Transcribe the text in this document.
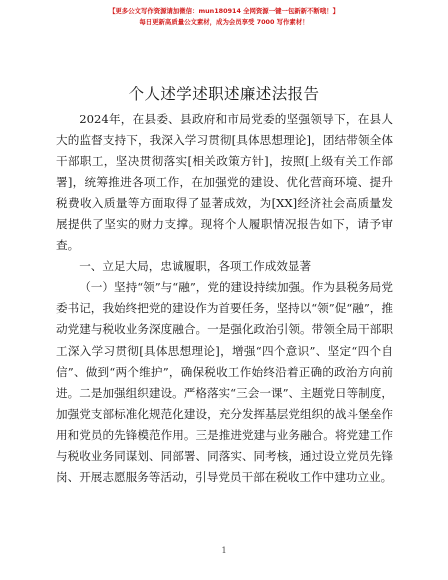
【更多公文写作资源请加微信：mun180914 全网资源一键一包新新不断哦！】
每日更新高质量公文素材，成为会员享受 7000 写作素材！
个人述学述职述廉述法报告

2024年，在县委、县政府和市局党委的坚强领导下，在县人大的监督支持下，我深入学习贯彻[具体思想理论]，团结带领全体干部职工，坚决贯彻落实[相关政策方针]，按照[上级有关工作部署]，统筹推进各项工作，在加强党的建设、优化营商环境、提升税费收入质量等方面取得了显著成效，为[XX]经济社会高质量发展提供了坚实的财力支撑。现将个人履职情况报告如下，请予审查。

一、立足大局，忠诚履职，各项工作成效显著

（一）坚持“领”与“融”，党的建设持续加强。作为县税务局党委书记，我始终把党的建设作为首要任务，坚持以“领”促“融”，推动党建与税收业务深度融合。一是强化政治引领。带领全局干部职工深入学习贯彻[具体思想理论]，增强“四个意识”、坚定“四个自信”、做到“两个维护”，确保税收工作始终沿着正确的政治方向前进。二是加强组织建设。严格落实“三会一课”、主题党日等制度，加强党支部标准化规范化建设，充分发挥基层党组织的战斗堡垒作用和党员的先锋模范作用。三是推进党建与业务融合。将党建工作与税收业务同谋划、同部署、同落实、同考核，通过设立党员先锋岗、开展志愿服务等活动，引导党员干部在税收工作中建功立业。

1
